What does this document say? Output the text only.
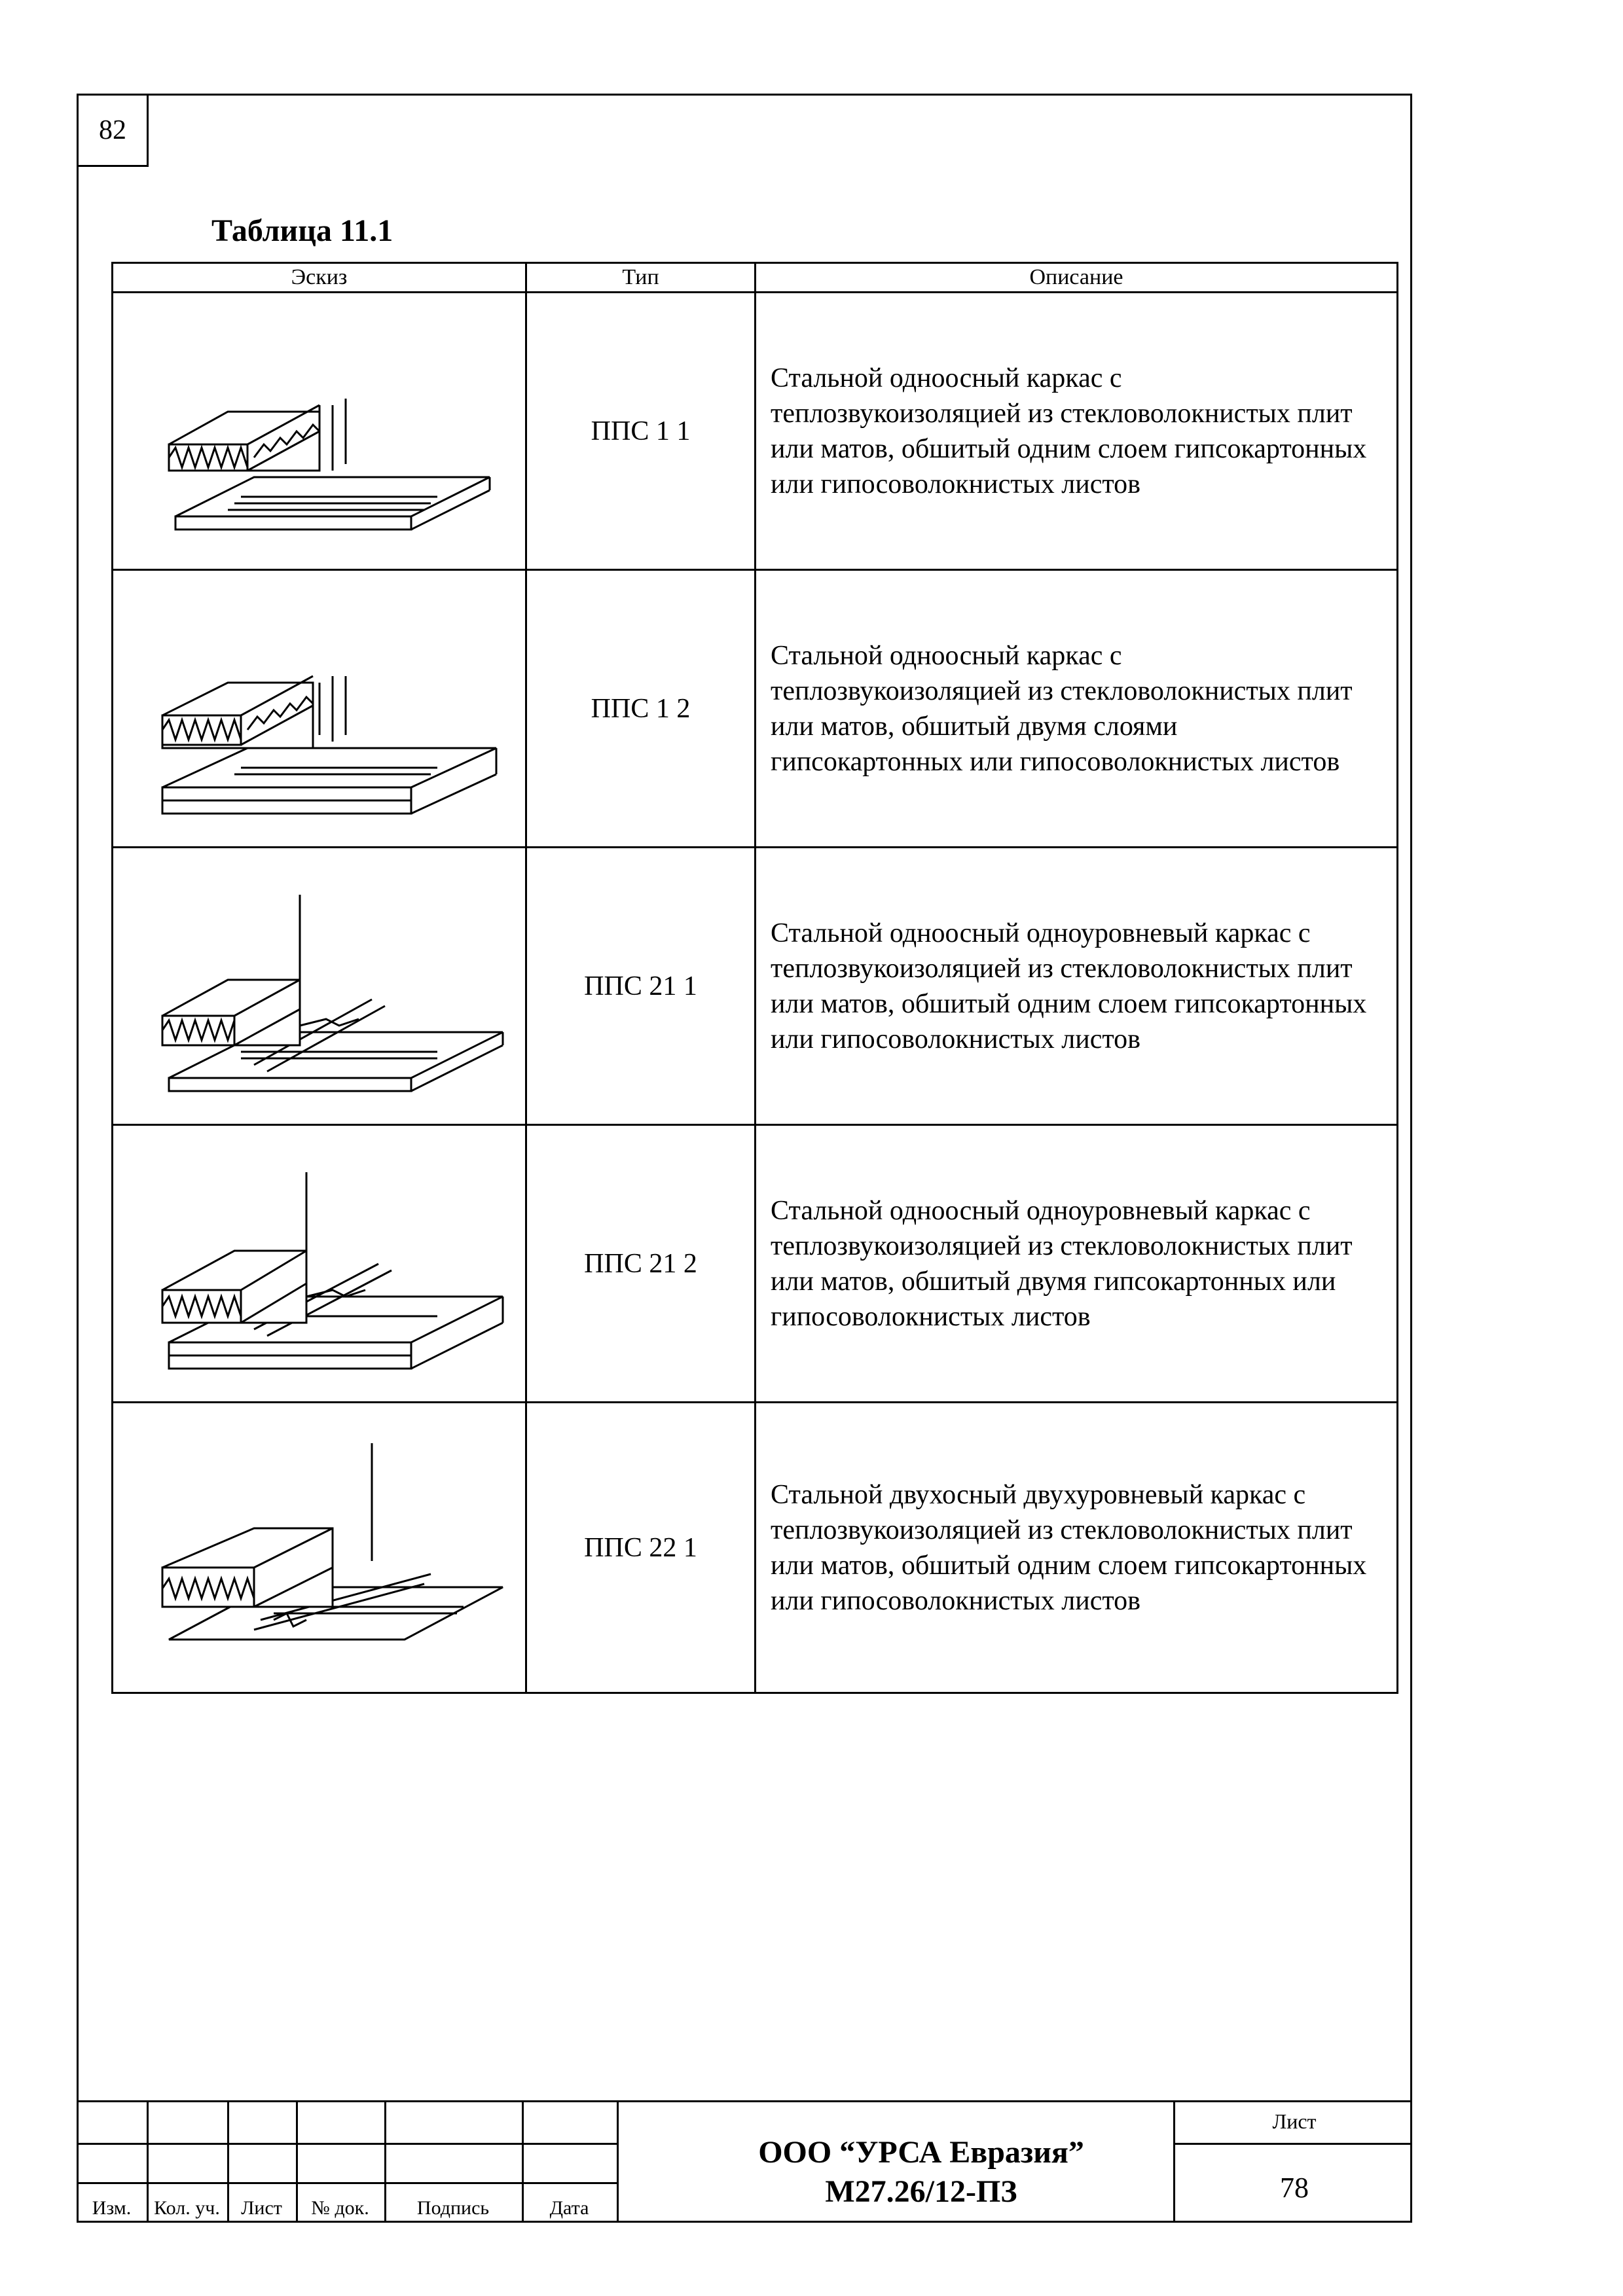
82
Таблица 11.1
Эскиз	Тип	Описание

	ППС 1 1	Стальной одноосный каркас с теплозвукоизоляцией из стекловолокнистых плит или матов, обшитый одним слоем гипсокартонных или гипосоволокнистых листов

	ППС 1 2	Стальной одноосный каркас с теплозвукоизоляцией из стекловолокнистых плит или матов, обшитый двумя слоями гипсокартонных или гипосоволокнистых листов

	ППС 21 1	Стальной одноосный одноуровневый каркас с теплозвукоизоляцией из стекловолокнистых плит или матов, обшитый одним слоем гипсокартонных или гипосоволокнистых листов

	ППС 21 2	Стальной одноосный одноуровневый каркас с теплозвукоизоляцией из стекловолокнистых плит или матов, обшитый двумя гипсокартонных или гипосоволокнистых листов

	ППС 22 1	Стальной двухосный двухуровневый каркас с теплозвукоизоляцией из стекловолокнистых плит или матов, обшитый одним слоем гипсокартонных или гипосоволокнистых листов
Изм.	Кол. уч.	Лист	№ док.	Подпись	Дата
ООО “УРСА Евразия”
М27.26/12-ПЗ
Лист
78
